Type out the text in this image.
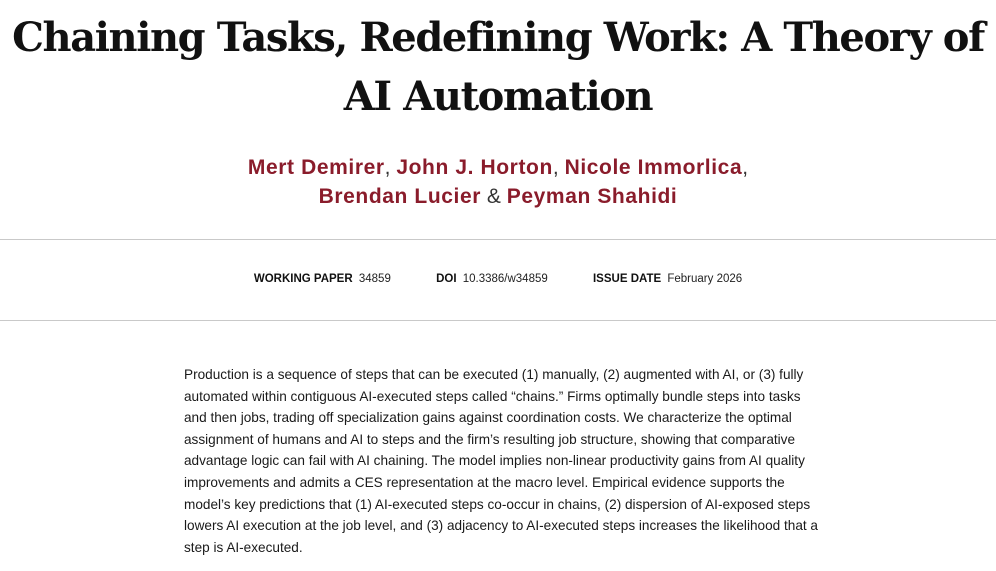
Chaining Tasks, Redefining Work: A Theory of AI Automation
Mert Demirer, John J. Horton, Nicole Immorlica,
Brendan Lucier & Peyman Shahidi
WORKING PAPER 34859	DOI 10.3386/w34859	ISSUE DATE February 2026

Production is a sequence of steps that can be executed (1) manually, (2) augmented with AI, or (3) fully automated within contiguous AI-executed steps called “chains.” Firms optimally bundle steps into tasks and then jobs, trading off specialization gains against coordination costs. We characterize the optimal assignment of humans and AI to steps and the firm’s resulting job structure, showing that comparative advantage logic can fail with AI chaining. The model implies non-linear productivity gains from AI quality improvements and admits a CES representation at the macro level. Empirical evidence supports the model’s key predictions that (1) AI-executed steps co-occur in chains, (2) dispersion of AI-exposed steps lowers AI execution at the job level, and (3) adjacency to AI-executed steps increases the likelihood that a step is AI-executed.
